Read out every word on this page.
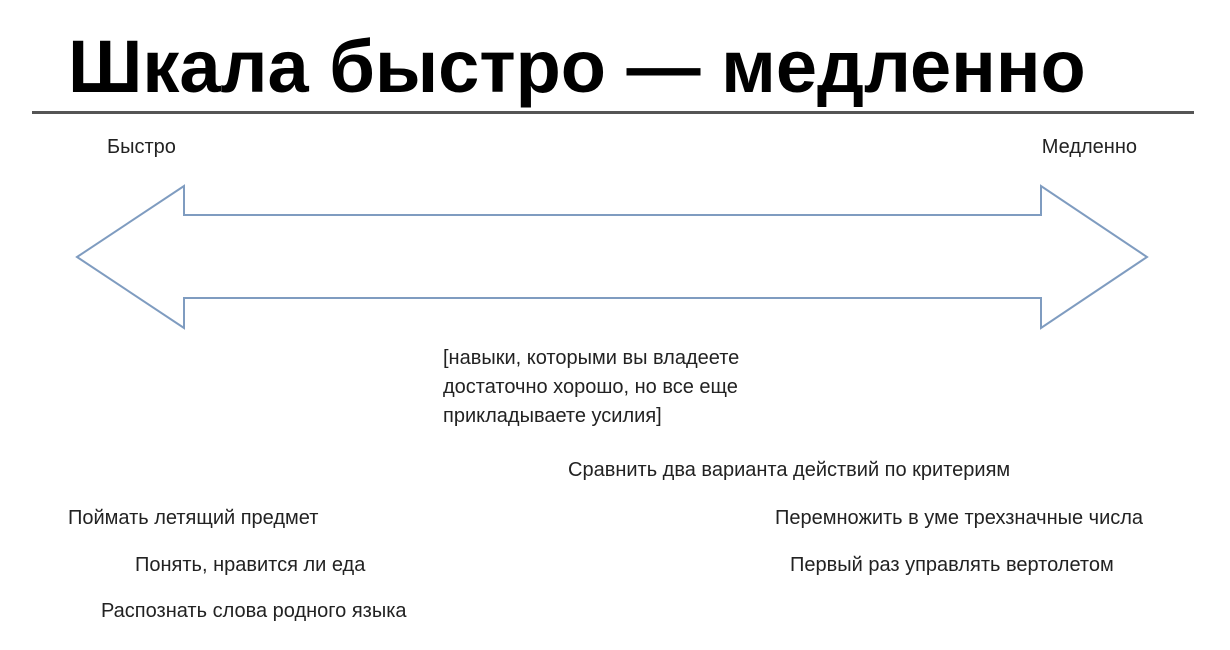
Шкала быстро — медленно
Быстро	Медленно
[навыки, которыми вы владеете
достаточно хорошо, но все еще
прикладываете усилия]
Сравнить два варианта действий по критериям
Поймать летящий предмет	Перемножить в уме трехзначные числа
Понять, нравится ли еда	Первый раз управлять вертолетом
Распознать слова родного языка
